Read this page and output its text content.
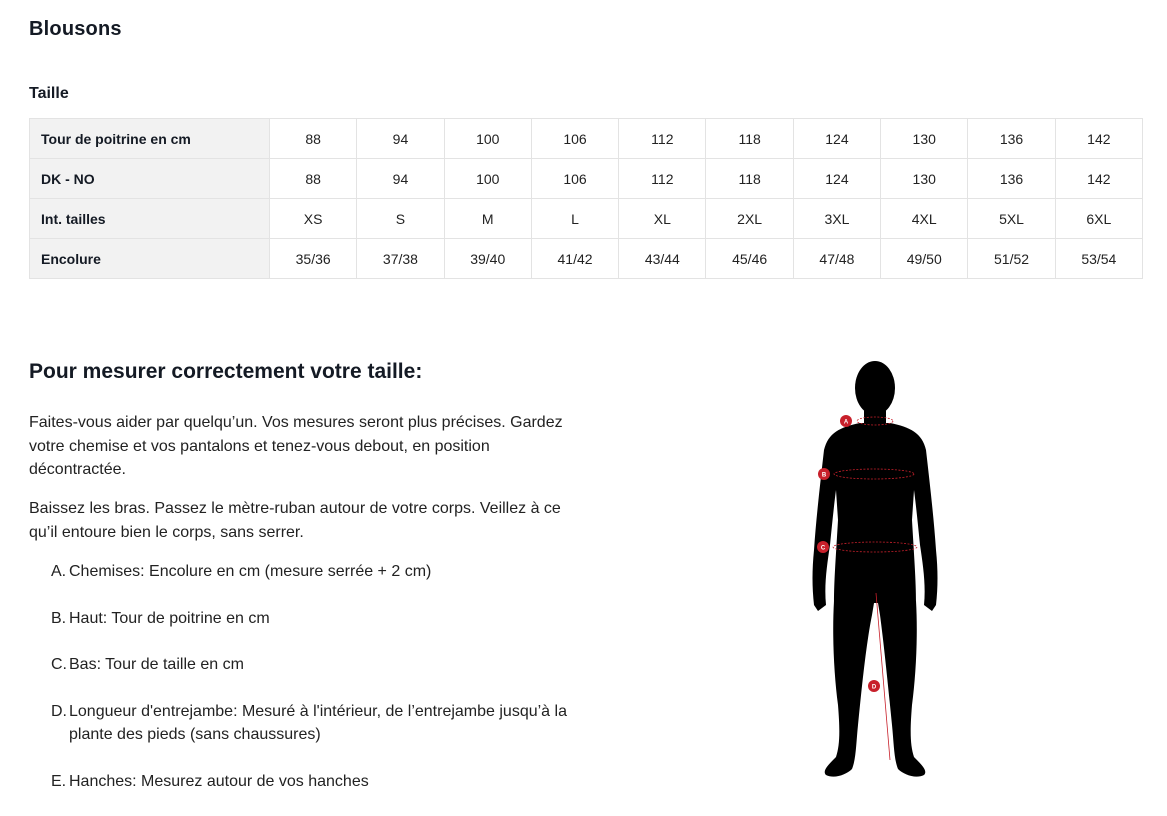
Blousons
Taille
Tour de poitrine en cm	88	94	100	106	112	118	124	130	136	142
DK - NO	88	94	100	106	112	118	124	130	136	142
Int. tailles	XS	S	M	L	XL	2XL	3XL	4XL	5XL	6XL
Encolure	35/36	37/38	39/40	41/42	43/44	45/46	47/48	49/50	51/52	53/54
Pour mesurer correctement votre taille:

Faites-vous aider par quelqu’un. Vos mesures seront plus précises. Gardez votre chemise et vos pantalons et tenez-vous debout, en position décontractée.

Baissez les bras. Passez le mètre-ruban autour de votre corps. Veillez à ce qu’il entoure bien le corps, sans serrer.

A. Chemises: Encolure en cm (mesure serrée + 2 cm)
B. Haut: Tour de poitrine en cm
C. Bas: Tour de taille en cm
D. Longueur d'entrejambe: Mesuré à l'intérieur, de l’entrejambe jusqu’à la plante des pieds (sans chaussures)
E. Hanches: Mesurez autour de vos hanches
A
B
C
D
